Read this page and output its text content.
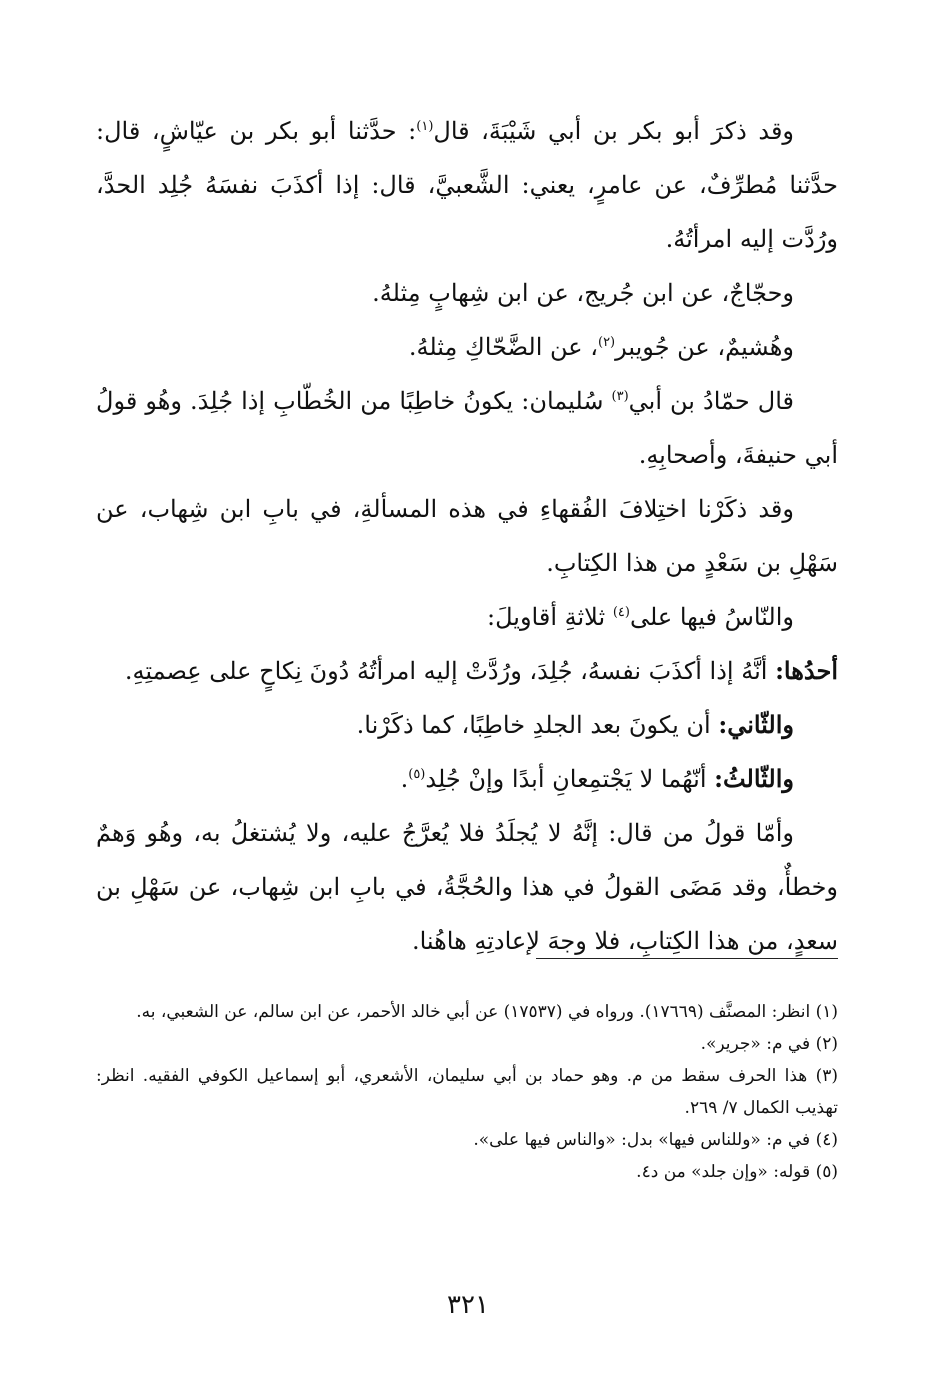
وقد ذكرَ أبو بكر بن أبي شَيْبَةَ، قال$^{(١)}$: حدَّثنا أبو بكر بن عيّاشٍ، قال: حدَّثنا مُطرِّفٌ، عن عامرٍ، يعني: الشَّعبيَّ، قال: إذا أكذَبَ نفسَهُ جُلِد الحدَّ، ورُدَّت إليه امرأتُهُ.

وحجّاجٌ، عن ابن جُريج، عن ابن شِهابٍ مِثلهُ.

وهُشيمٌ، عن جُويبر$^{(٢)}$، عن الضَّحّاكِ مِثلهُ.

قال حمّادُ بن أبي$^{(٣)}$ سُليمان: يكونُ خاطِبًا من الخُطّابِ إذا جُلِدَ. وهُو قولُ أبي حنيفةَ، وأصحابِهِ.

وقد ذكَرْنا اختِلافَ الفُقهاءِ في هذه المسألةِ، في بابِ ابن شِهاب، عن سَهْلِ بن سَعْدٍ من هذا الكِتابِ.

والنّاسُ فيها على$^{(٤)}$ ثلاثةِ أقاويلَ:

أحدُها: أنَّهُ إذا أكذَبَ نفسهُ، جُلِدَ، ورُدَّتْ إليه امرأتُهُ دُونَ نِكاحٍ على عِصمتِهِ.

والثّاني: أن يكونَ بعد الجلدِ خاطِبًا، كما ذكَرْنا.

والثّالثُ: أنّهُما لا يَجْتمِعانِ أبدًا وإنْ جُلِد$^{(٥)}$.

وأمّا قولُ من قال: إنَّهُ لا يُجلَدُ فلا يُعرَّجُ عليه، ولا يُشتغلُ به، وهُو وَهمٌ وخطأٌ، وقد مَضَى القولُ في هذا والحُجَّةُ، في بابِ ابن شِهاب، عن سَهْلِ بن سعدٍ، من هذا الكِتابِ، فلا وجهَ لإعادتِهِ هاهُنا.

(١) انظر: المصنَّف (١٧٦٦٩). ورواه في (١٧٥٣٧) عن أبي خالد الأحمر، عن ابن سالم، عن الشعبي، به.

(٢) في م: «جرير».

(٣) هذا الحرف سقط من م. وهو حماد بن أبي سليمان، الأشعري، أبو إسماعيل الكوفي الفقيه. انظر: تهذيب الكمال ٧/ ٢٦٩.

(٤) في م: «وللناس فيها» بدل: «والناس فيها على».

(٥) قوله: «وإن جلد» من د٤.

٣٢١
